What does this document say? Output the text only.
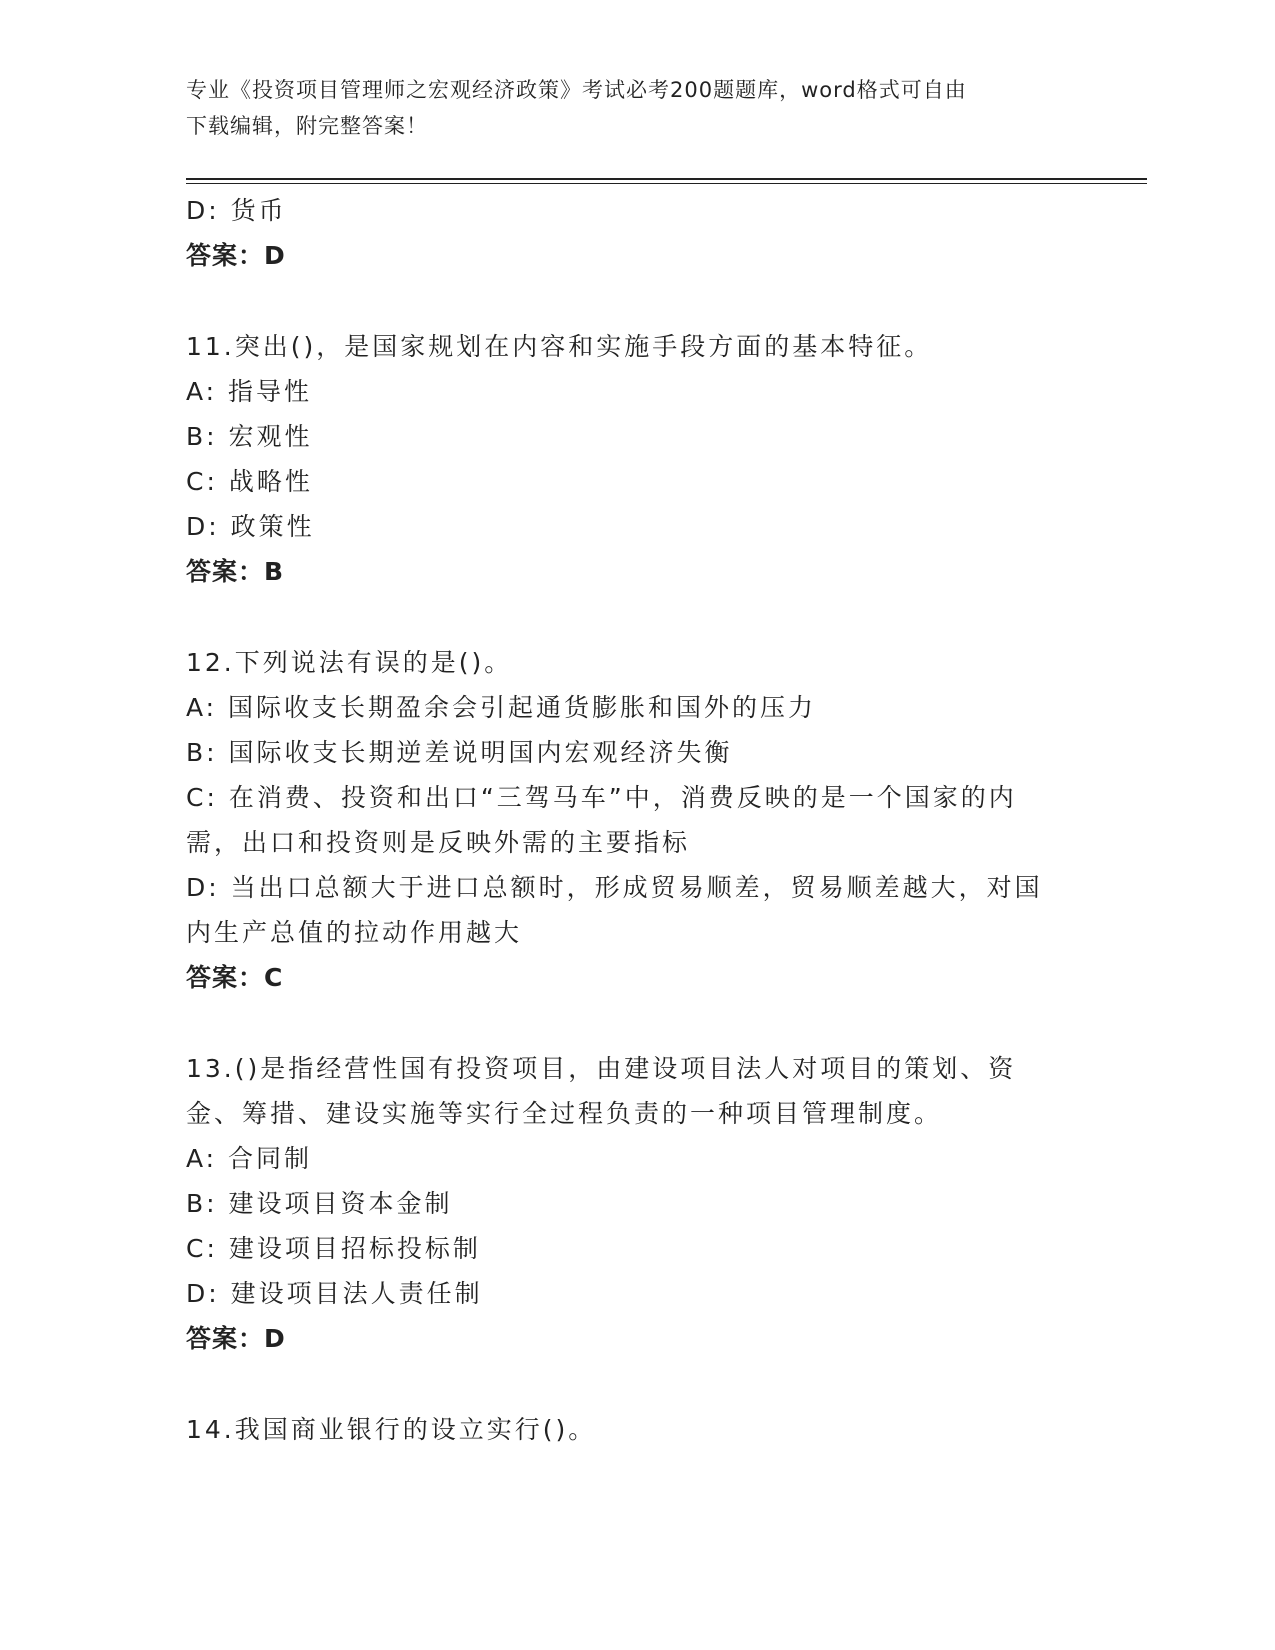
专业《投资项目管理师之宏观经济政策》考试必考200题题库，word格式可自由
下载编辑，附完整答案！
D: 货币
答案：D
11.突出()，是国家规划在内容和实施手段方面的基本特征。
A: 指导性
B: 宏观性
C: 战略性
D: 政策性
答案：B
12.下列说法有误的是()。
A: 国际收支长期盈余会引起通货膨胀和国外的压力
B: 国际收支长期逆差说明国内宏观经济失衡
C: 在消费、投资和出口“三驾马车”中，消费反映的是一个国家的内需，出口和投资则是反映外需的主要指标
D: 当出口总额大于进口总额时，形成贸易顺差，贸易顺差越大，对国内生产总值的拉动作用越大
答案：C
13.()是指经营性国有投资项目，由建设项目法人对项目的策划、资金、筹措、建设实施等实行全过程负责的一种项目管理制度。
A: 合同制
B: 建设项目资本金制
C: 建设项目招标投标制
D: 建设项目法人责任制
答案：D
14.我国商业银行的设立实行()。
